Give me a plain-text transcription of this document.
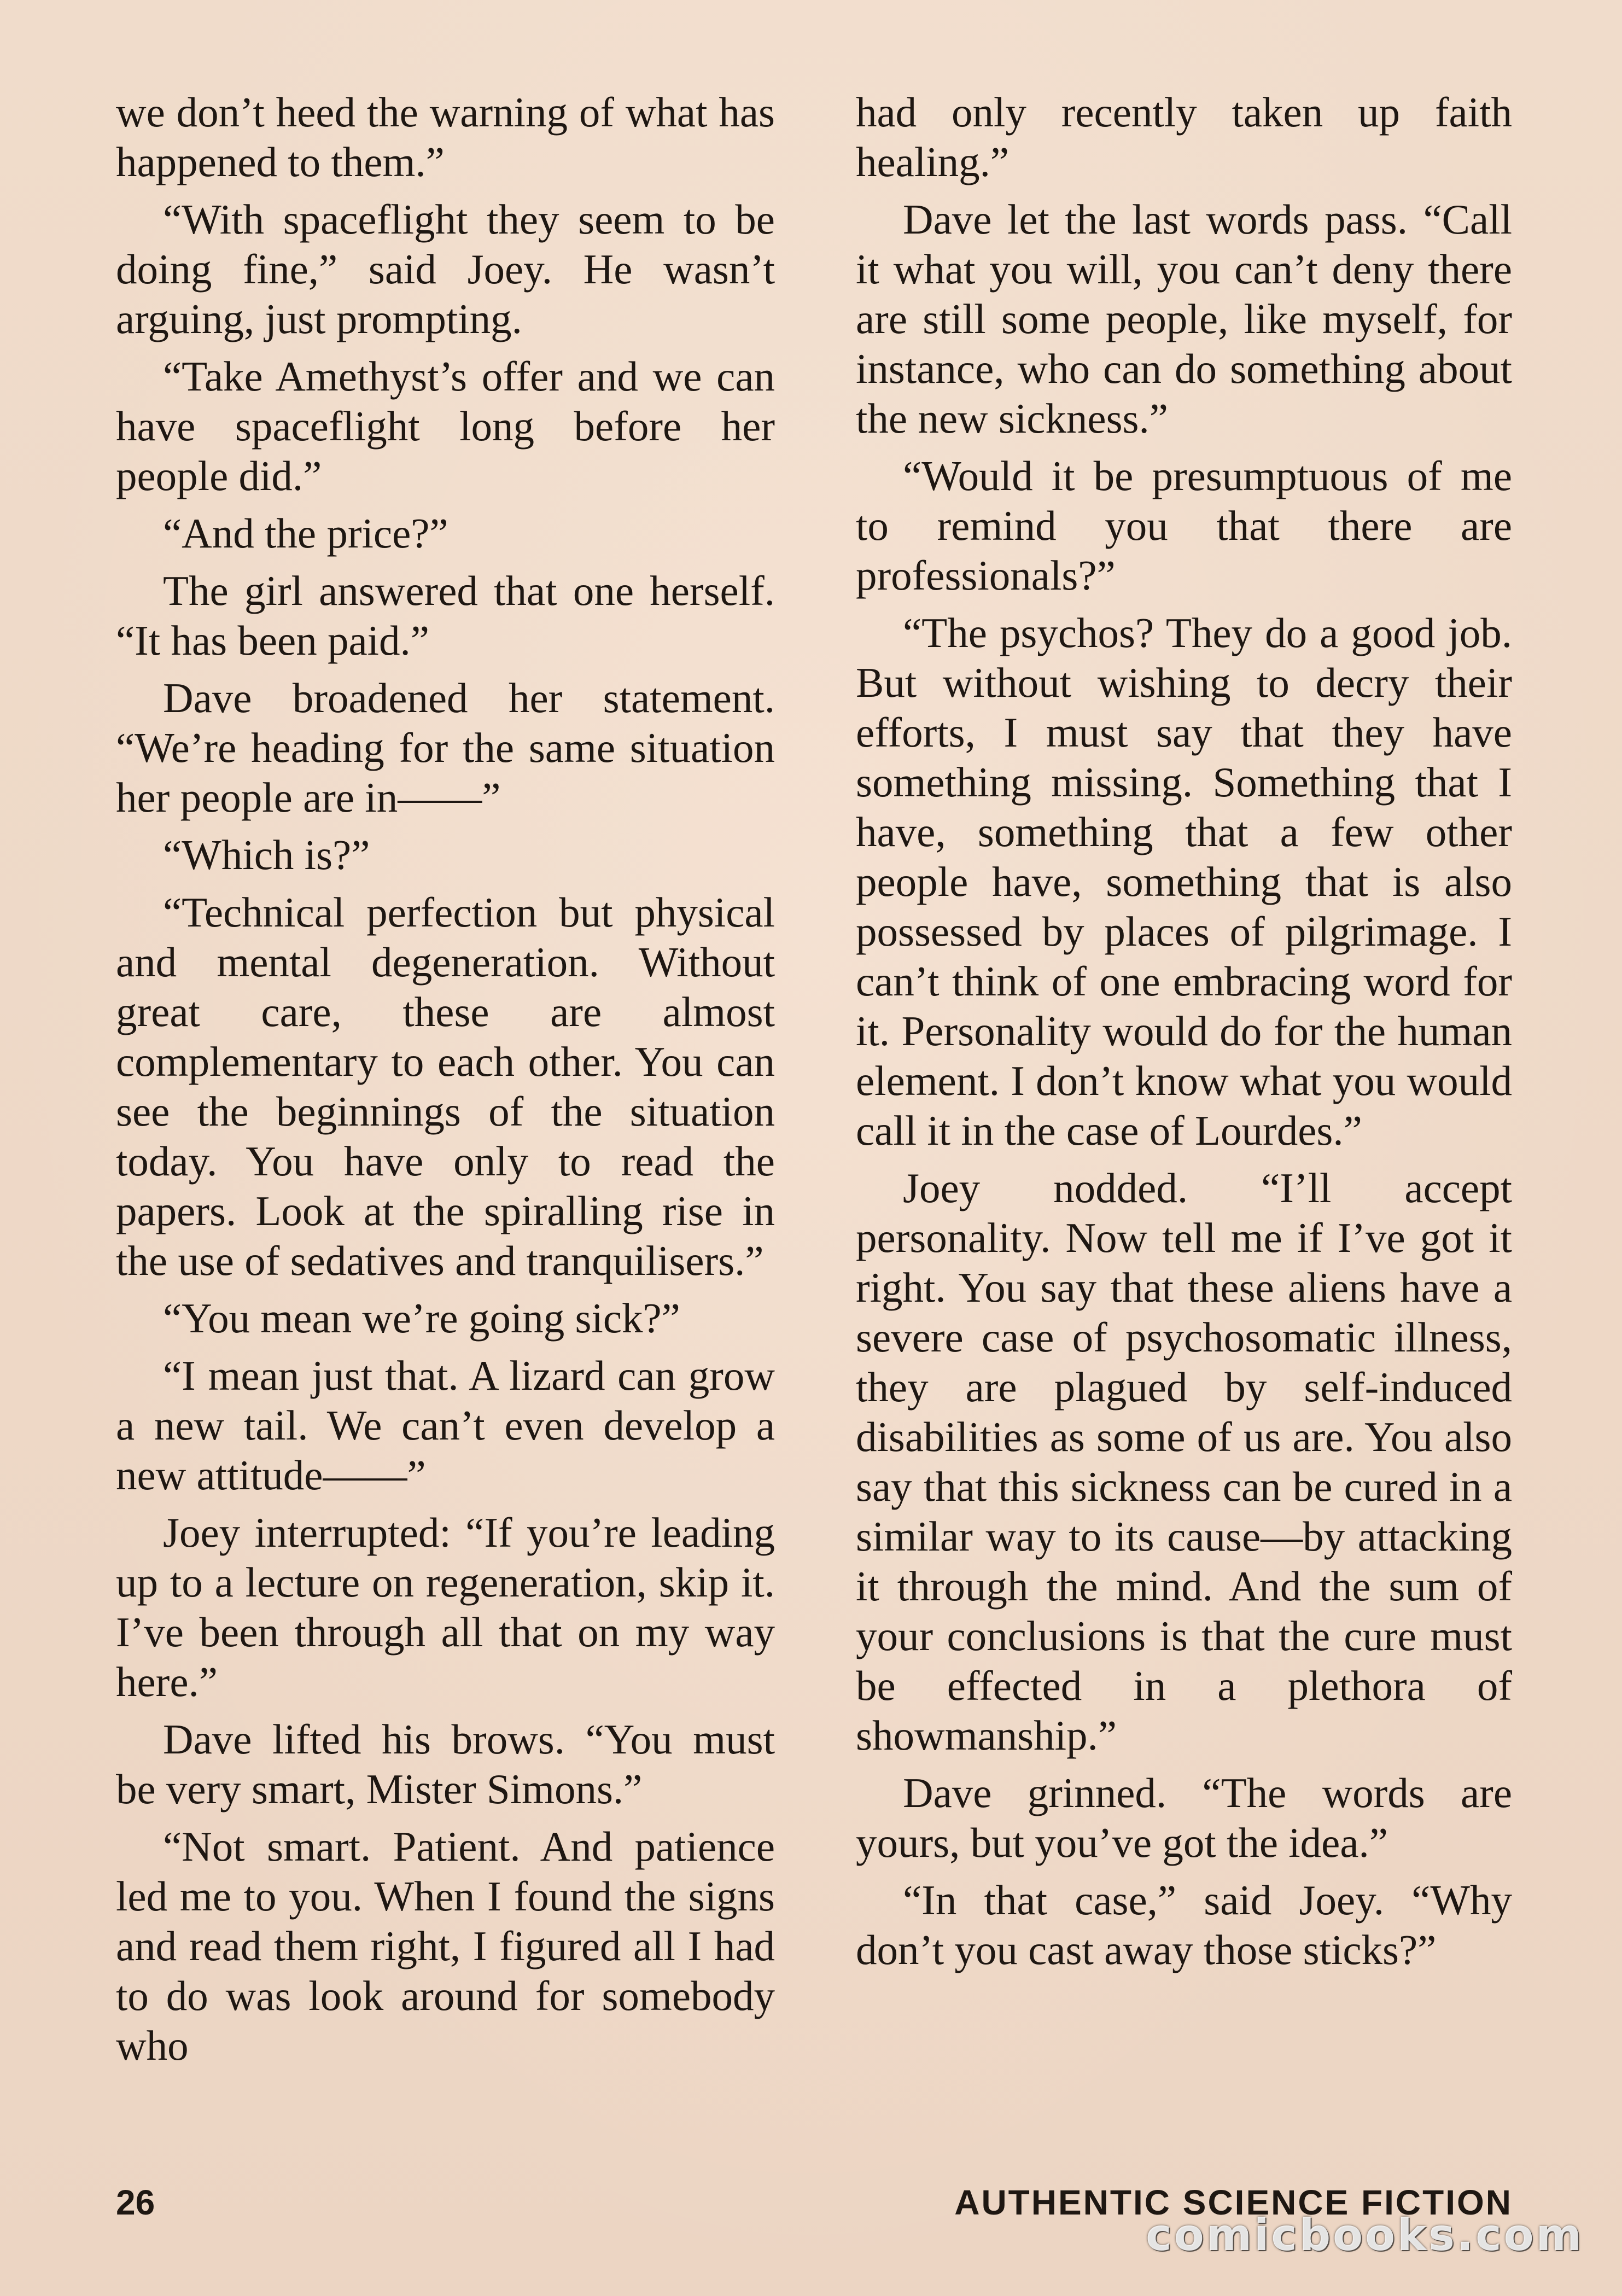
we don’t heed the warning of what has happened to them.”

“With spaceflight they seem to be doing fine,” said Joey. He wasn’t arguing, just prompting.

“Take Amethyst’s offer and we can have spaceflight long before her people did.”

“And the price?”

The girl answered that one herself. “It has been paid.”

Dave broadened her statement. “We’re heading for the same situation her people are in——”

“Which is?”

“Technical perfection but physical and mental degeneration. Without great care, these are almost complementary to each other. You can see the beginnings of the situation today. You have only to read the papers. Look at the spiralling rise in the use of sedatives and tranquilisers.”

“You mean we’re going sick?”

“I mean just that. A lizard can grow a new tail. We can’t even develop a new attitude——”

Joey interrupted: “If you’re leading up to a lecture on regeneration, skip it. I’ve been through all that on my way here.”

Dave lifted his brows. “You must be very smart, Mister Simons.”

“Not smart. Patient. And patience led me to you. When I found the signs and read them right, I figured all I had to do was look around for somebody who

had only recently taken up faith healing.”

Dave let the last words pass. “Call it what you will, you can’t deny there are still some people, like myself, for instance, who can do something about the new sickness.”

“Would it be presumptuous of me to remind you that there are professionals?”

“The psychos? They do a good job. But without wishing to decry their efforts, I must say that they have something missing. Something that I have, something that a few other people have, something that is also possessed by places of pilgrimage. I can’t think of one embracing word for it. Personality would do for the human element. I don’t know what you would call it in the case of Lourdes.”

Joey nodded. “I’ll accept personality. Now tell me if I’ve got it right. You say that these aliens have a severe case of psychosomatic illness, they are plagued by self-induced disabilities as some of us are. You also say that this sickness can be cured in a similar way to its cause—by attacking it through the mind. And the sum of your conclusions is that the cure must be effected in a plethora of showmanship.”

Dave grinned. “The words are yours, but you’ve got the idea.”

“In that case,” said Joey. “Why don’t you cast away those sticks?”

26	AUTHENTIC SCIENCE FICTION
comicbooks.com
